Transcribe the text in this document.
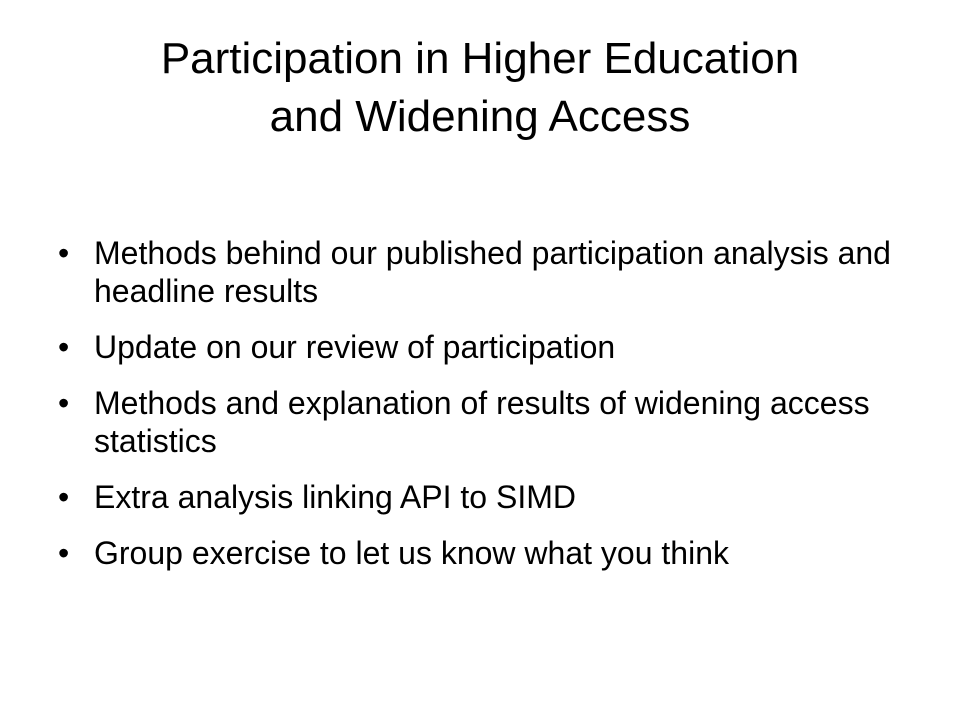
Participation in Higher Education
and Widening Access
• Methods behind our published participation analysis and headline results
• Update on our review of participation
• Methods and explanation of results of widening access statistics
• Extra analysis linking API to SIMD
• Group exercise to let us know what you think
